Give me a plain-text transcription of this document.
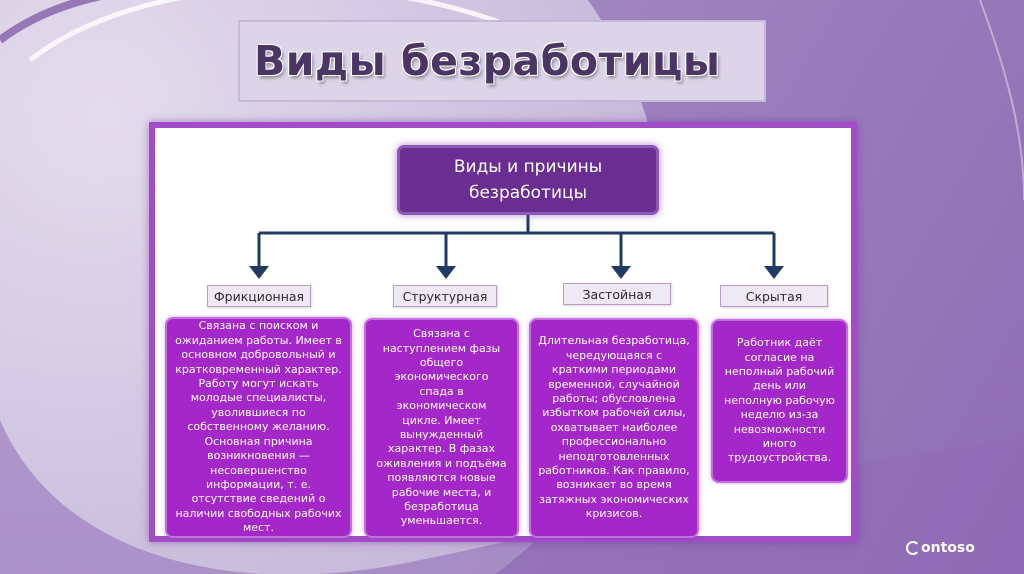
Виды безработицы
Виды и причины безработицы
Фрикционная	Структурная	Застойная	Скрытая
Связана с поиском и ожиданием работы. Имеет в основном добровольный и кратковременный характер. Работу могут искать молодые специалисты, уволившиеся по собственному желанию. Основная причина возникновения — несовершенство информации, т. е. отсутствие сведений о наличии свободных рабочих мест.
Связана с наступлением фазы общего экономического спада в экономическом цикле. Имеет вынужденный характер. В фазах оживления и подъёма появляются новые рабочие места, и безработица уменьшается.
Длительная безработица, чередующаяся с краткими периодами временной, случайной работы; обусловлена избытком рабочей силы, охватывает наиболее профессионально неподготовленных работников. Как правило, возникает во время затяжных экономических кризисов.
Работник даёт согласие на неполный рабочий день или неполную рабочую неделю из-за невозможности иного трудоустройства.
ontoso
